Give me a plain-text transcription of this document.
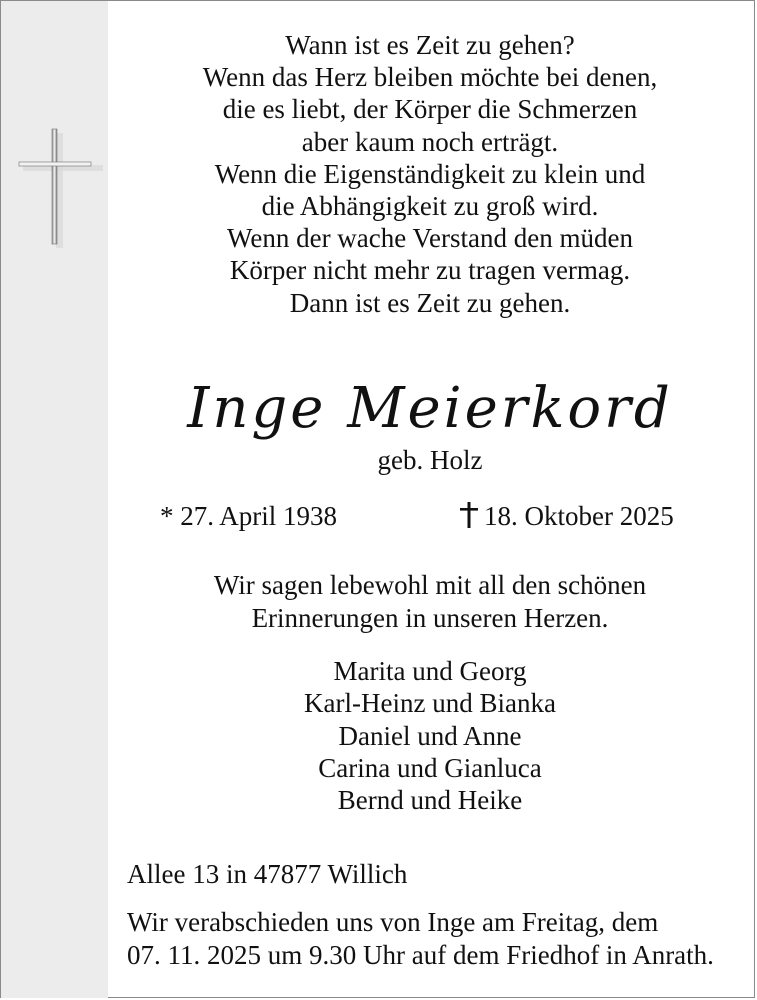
Wann ist es Zeit zu gehen?
Wenn das Herz bleiben möchte bei denen,
die es liebt, der Körper die Schmerzen
aber kaum noch erträgt.
Wenn die Eigenständigkeit zu klein und
die Abhängigkeit zu groß wird.
Wenn der wache Verstand den müden
Körper nicht mehr zu tragen vermag.
Dann ist es Zeit zu gehen.
Inge Meierkord
geb. Holz
* 27. April 1938	18. Oktober 2025
Wir sagen lebewohl mit all den schönen
Erinnerungen in unseren Herzen.
Marita und Georg
Karl-Heinz und Bianka
Daniel und Anne
Carina und Gianluca
Bernd und Heike
Allee 13 in 47877 Willich
Wir verabschieden uns von Inge am Freitag, dem
07. 11. 2025 um 9.30 Uhr auf dem Friedhof in Anrath.
